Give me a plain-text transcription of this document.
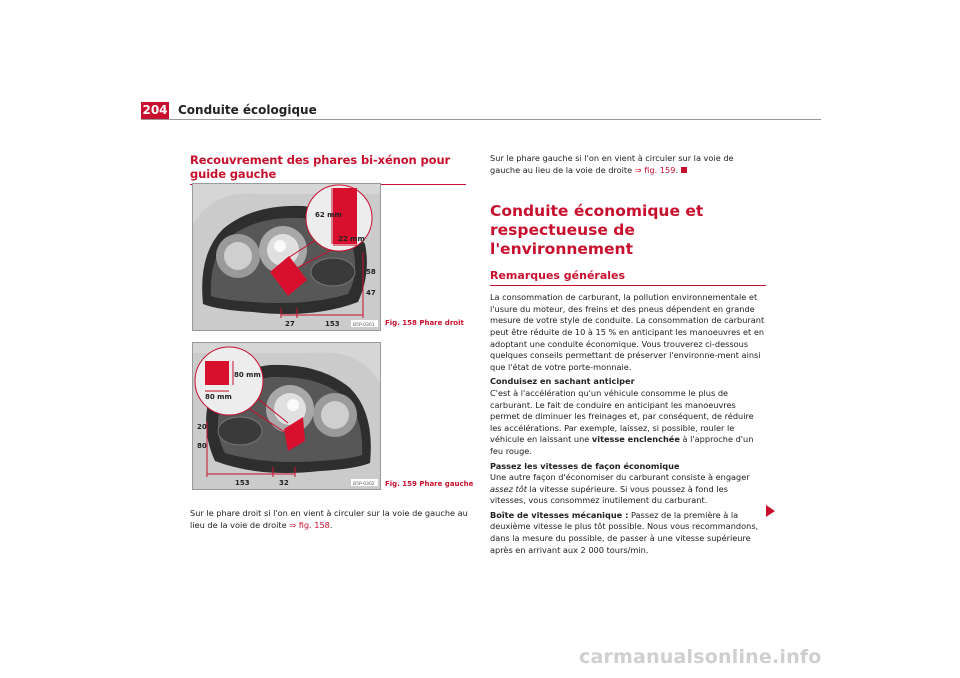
204 Conduite écologique
Recouvrement des phares bi-xénon pour guide gauche
62 mm
22 mm
58
47
27	153	B5P-0301 Fig. 158 Phare droit
80 mm
80 mm
20
80
153	32	B5P-0302 Fig. 159 Phare gauche

Sur le phare droit si l'on en vient à circuler sur la voie de gauche au lieu de la voie de droite ⇒ fig. 158.

Sur le phare gauche si l'on en vient à circuler sur la voie de gauche au lieu de la voie de droite ⇒ fig. 159.

Conduite économique et respectueuse de l'environnement
Remarques générales

La consommation de carburant, la pollution environnementale et l'usure du moteur, des freins et des pneus dépendent en grande mesure de votre style de conduite. La consommation de carburant peut être réduite de 10 à 15 % en anticipant les manoeuvres et en adoptant une conduite économique. Vous trouverez ci-dessous quelques conseils permettant de préserver l'environne-ment ainsi que l'état de votre porte-monnaie.

Conduisez en sachant anticiper

C'est à l'accélération qu'un véhicule consomme le plus de carburant. Le fait de conduire en anticipant les manoeuvres permet de diminuer les freinages et, par conséquent, de réduire les accélérations. Par exemple, laissez, si possible, rouler le véhicule en laissant une vitesse enclenchée à l'approche d'un feu rouge.

Passez les vitesses de façon économique

Une autre façon d'économiser du carburant consiste à engager assez tôt la vitesse supérieure. Si vous poussez à fond les vitesses, vous consommez inutilement du carburant.

Boîte de vitesses mécanique : Passez de la première à la deuxième vitesse le plus tôt possible. Nous vous recommandons, dans la mesure du possible, de passer à une vitesse supérieure après en arrivant aux 2 000 tours/min.

carmanualsonline.info
